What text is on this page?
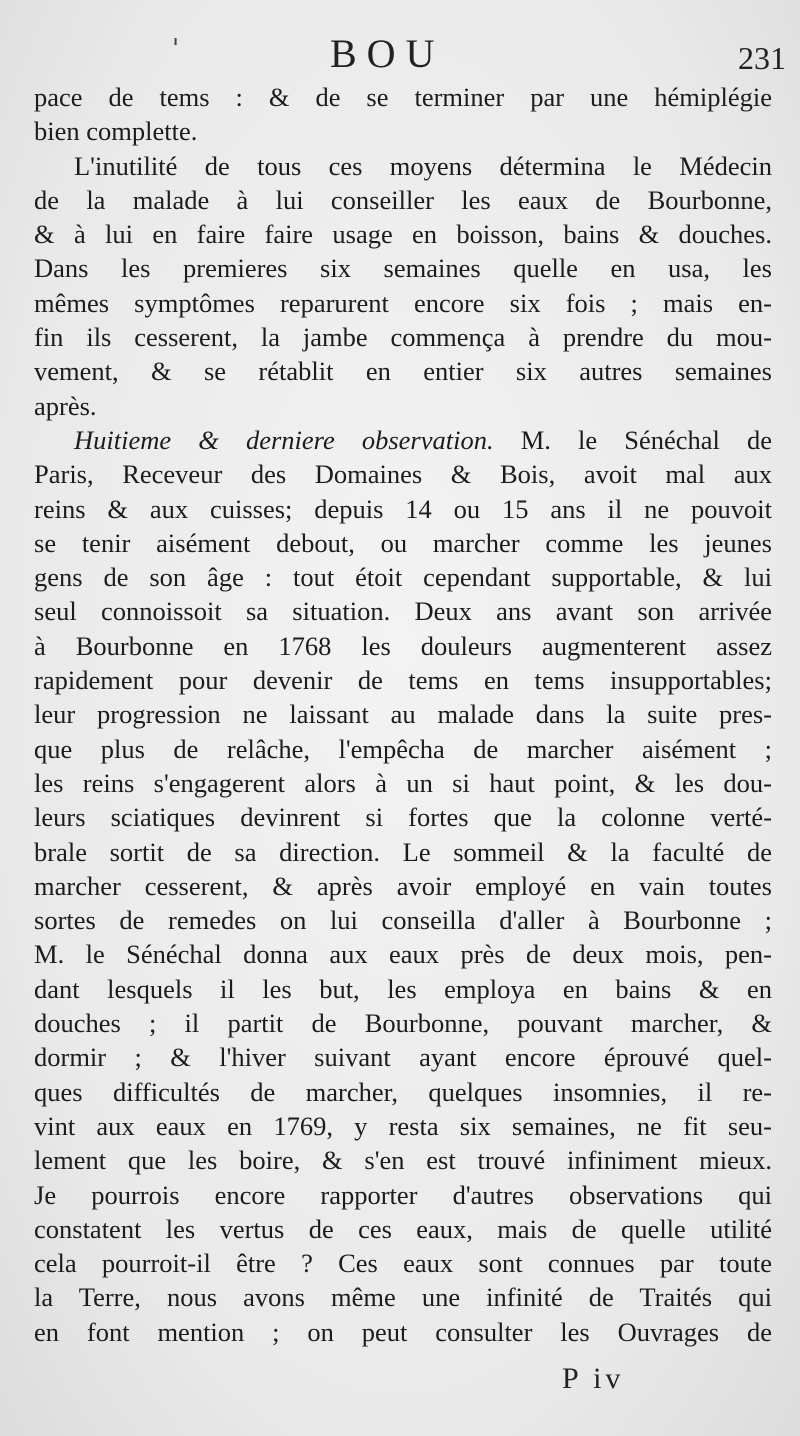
'	BOU	231
pace de tems : & de se terminer par une hémiplégie
bien complette.
L'inutilité de tous ces moyens détermina le Médecin
de la malade à lui conseiller les eaux de Bourbonne,
& à lui en faire faire usage en boisson, bains & douches.
Dans les premieres six semaines quelle en usa, les
mêmes symptômes reparurent encore six fois ; mais en-
fin ils cesserent, la jambe commença à prendre du mou-
vement, & se rétablit en entier six autres semaines
après.
Huitieme & derniere observation. M. le Sénéchal de
Paris, Receveur des Domaines & Bois, avoit mal aux
reins & aux cuisses; depuis 14 ou 15 ans il ne pouvoit
se tenir aisément debout, ou marcher comme les jeunes
gens de son âge : tout étoit cependant supportable, & lui
seul connoissoit sa situation. Deux ans avant son arrivée
à Bourbonne en 1768 les douleurs augmenterent assez
rapidement pour devenir de tems en tems insupportables;
leur progression ne laissant au malade dans la suite pres-
que plus de relâche, l'empêcha de marcher aisément ;
les reins s'engagerent alors à un si haut point, & les dou-
leurs sciatiques devinrent si fortes que la colonne verté-
brale sortit de sa direction. Le sommeil & la faculté de
marcher cesserent, & après avoir employé en vain toutes
sortes de remedes on lui conseilla d'aller à Bourbonne ;
M. le Sénéchal donna aux eaux près de deux mois, pen-
dant lesquels il les but, les employa en bains & en
douches ; il partit de Bourbonne, pouvant marcher, &
dormir ; & l'hiver suivant ayant encore éprouvé quel-
ques difficultés de marcher, quelques insomnies, il re-
vint aux eaux en 1769, y resta six semaines, ne fit seu-
lement que les boire, & s'en est trouvé infiniment mieux.
Je pourrois encore rapporter d'autres observations qui
constatent les vertus de ces eaux, mais de quelle utilité
cela pourroit-il être ? Ces eaux sont connues par toute
la Terre, nous avons même une infinité de Traités qui
en font mention ; on peut consulter les Ouvrages de
P iv
